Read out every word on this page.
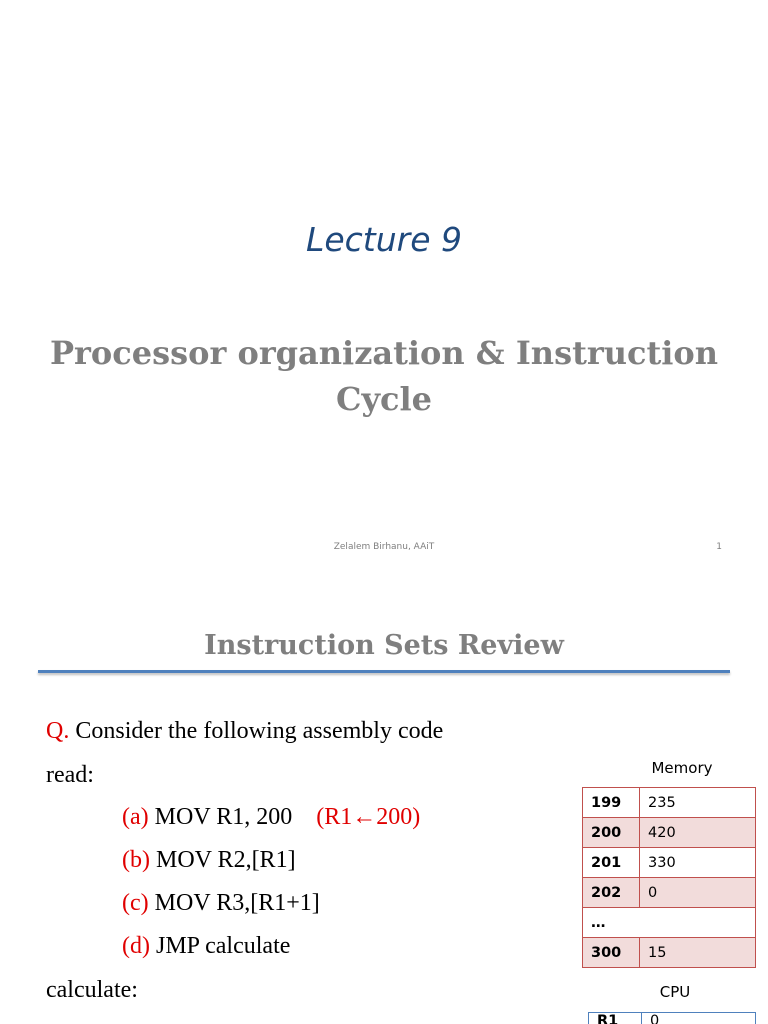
Lecture 9
Processor organization & Instruction Cycle
Zelalem Birhanu, AAiT	1
Instruction Sets Review
Q. Consider the following assembly code
read:
(a) MOV R1, 200 (R1←200)
(b) MOV R2,[R1]
(c) MOV R3,[R1+1]
(d) JMP calculate
calculate:
Memory
199	235
200	420
201	330
202	0
…	
300	15
CPU
R1	0
